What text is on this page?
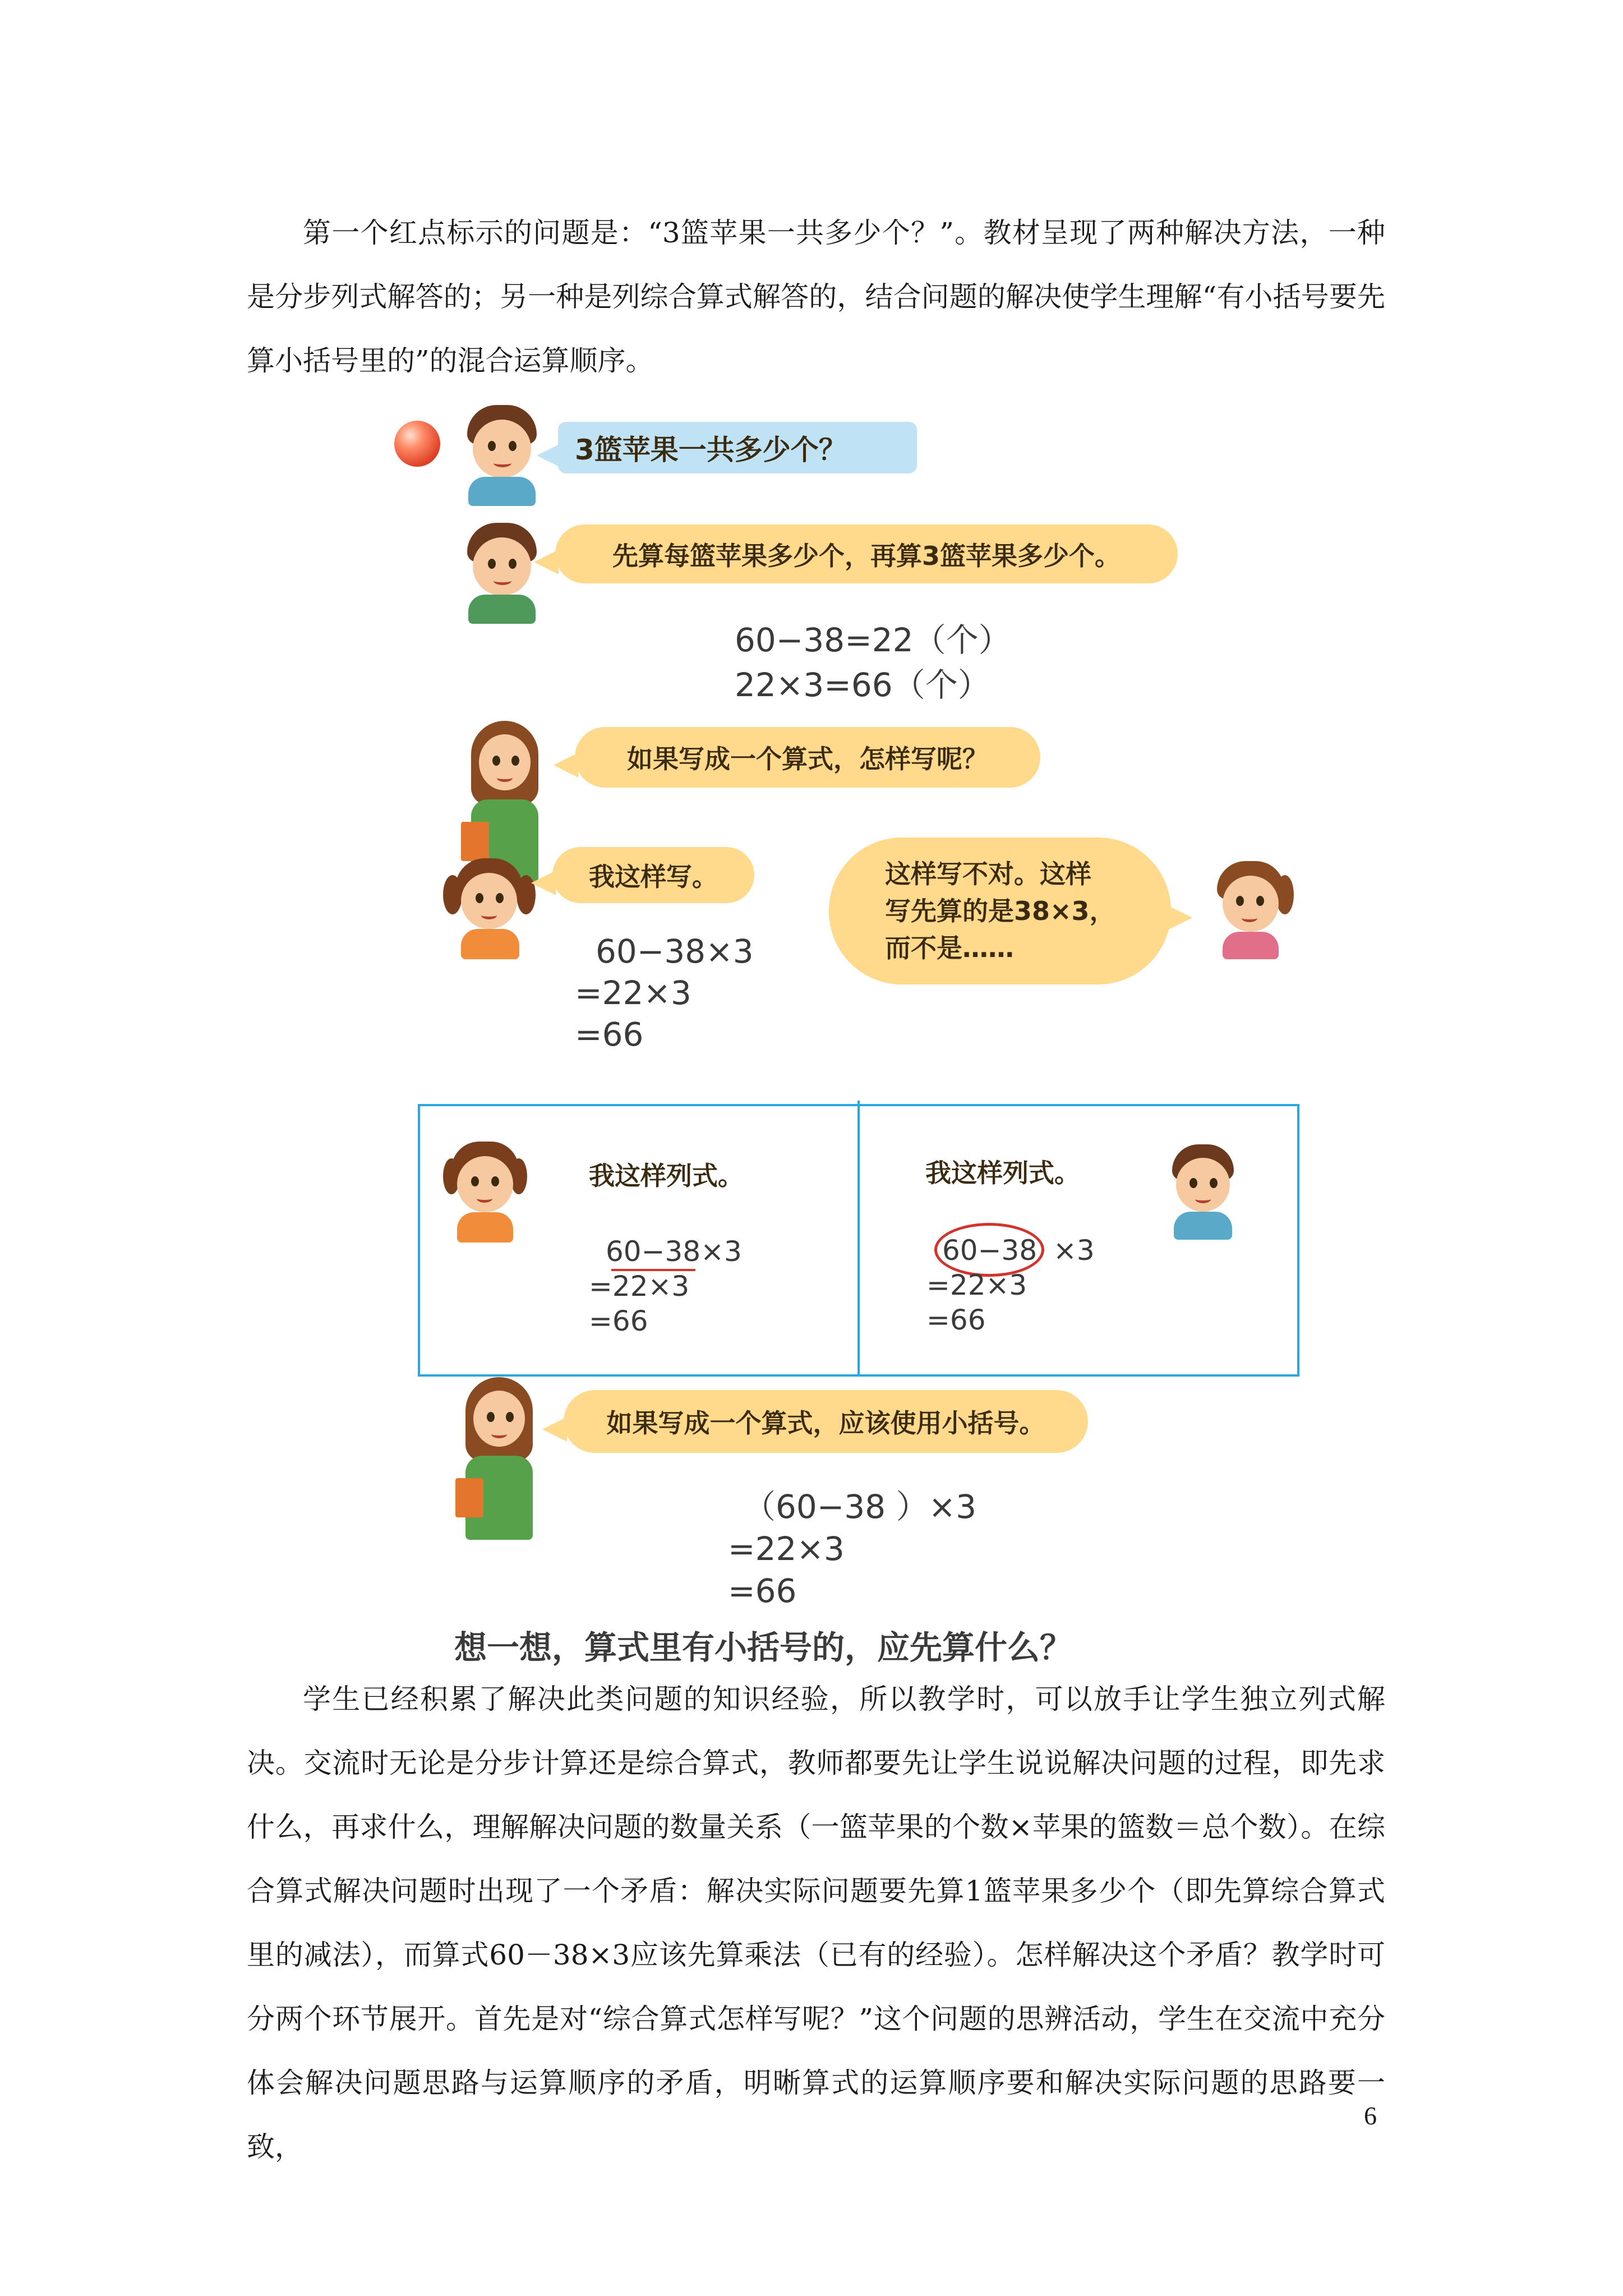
第一个红点标示的问题是：“3篮苹果一共多少个？”。教材呈现了两种解决方法，一种是分步列式解答的；另一种是列综合算式解答的，结合问题的解决使学生理解“有小括号要先算小括号里的”的混合运算顺序。

3篮苹果一共多少个？
先算每篮苹果多少个，再算3篮苹果多少个。
60−38=22（个）
22×3=66（个）
如果写成一个算式，怎样写呢？
我这样写。
60−38×3
=22×3
=66
这样写不对。这样
写先算的是38×3，
而不是……
我这样列式。
60−38×3
=22×3
=66
我这样列式。
60−38 ×3
=22×3
=66
如果写成一个算式，应该使用小括号。
（60−38 ）×3
=22×3
=66
想一想，算式里有小括号的，应先算什么？

学生已经积累了解决此类问题的知识经验，所以教学时，可以放手让学生独立列式解决。交流时无论是分步计算还是综合算式，教师都要先让学生说说解决问题的过程，即先求什么，再求什么，理解解决问题的数量关系（一篮苹果的个数×苹果的篮数＝总个数）。在综合算式解决问题时出现了一个矛盾：解决实际问题要先算1篮苹果多少个（即先算综合算式里的减法），而算式60－38×3应该先算乘法（已有的经验）。怎样解决这个矛盾？教学时可分两个环节展开。首先是对“综合算式怎样写呢？”这个问题的思辨活动，学生在交流中充分体会解决问题思路与运算顺序的矛盾，明晰算式的运算顺序要和解决实际问题的思路要一致，

6
